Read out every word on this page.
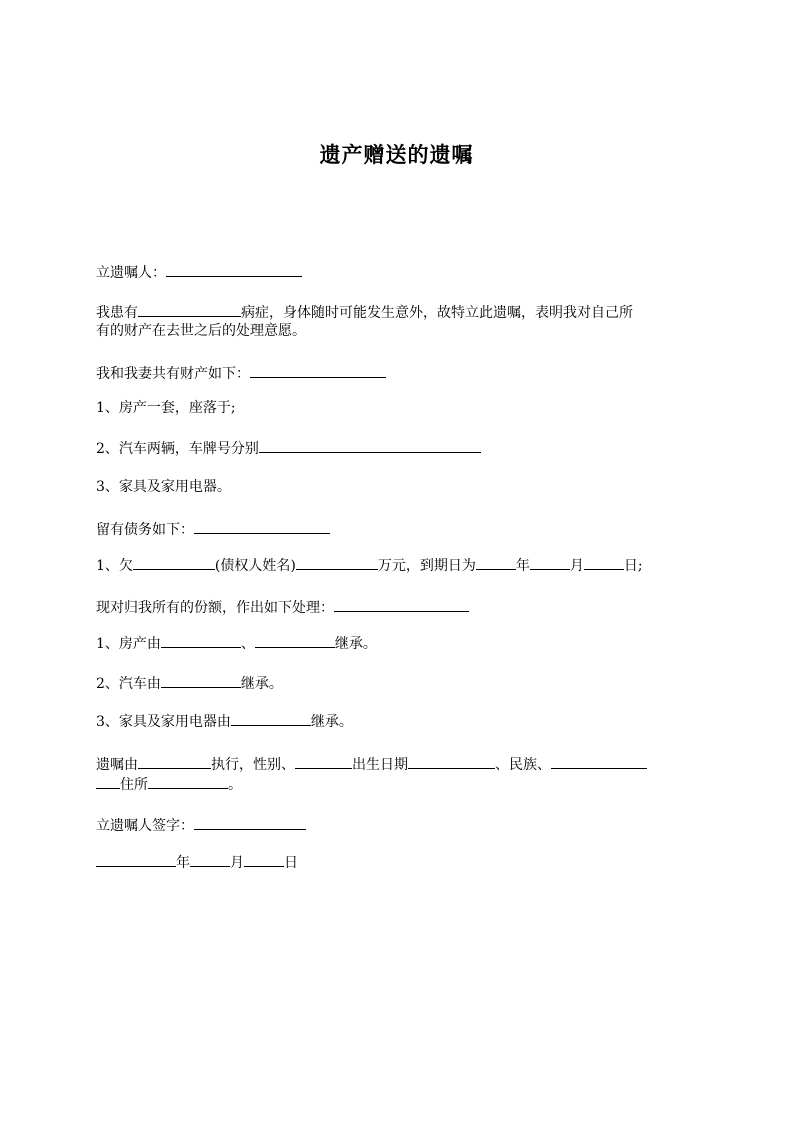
遗产赠送的遗嘱
立遗嘱人：
我患有	病症，身体随时可能发生意外，故特立此遗嘱，表明我对自己所
有的财产在去世之后的处理意愿。
我和我妻共有财产如下：
1、房产一套，座落于;
2、汽车两辆，车牌号分别
3、家具及家用电器。
留有债务如下：
1、欠	(债权人姓名)	万元，到期日为	年	月	日;
现对归我所有的份额，作出如下处理：
1、房产由	、	继承。
2、汽车由	继承。
3、家具及家用电器由	继承。
遗嘱由	执行，性别、	出生日期	、民族、
住所	。
立遗嘱人签字：
年	月	日
